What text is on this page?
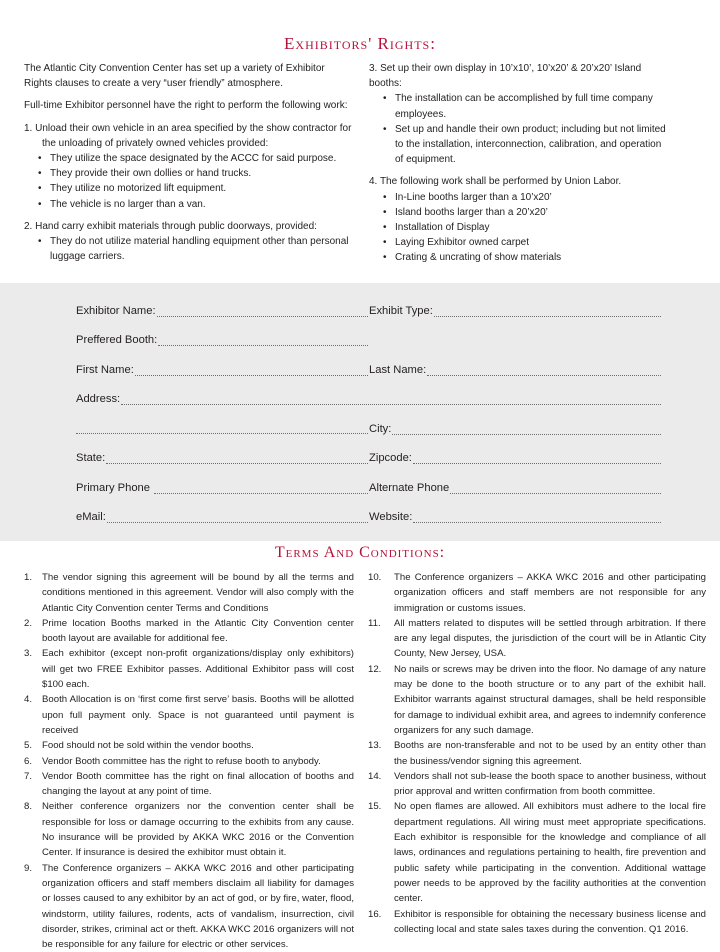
Exhibitors' Rights:

The Atlantic City Convention Center has set up a variety of Exhibitor Rights clauses to create a very “user friendly” atmosphere.

Full-time Exhibitor personnel have the right to perform the following work:

1. Unload their own vehicle in an area specified by the show contractor for the unloading of privately owned vehicles provided:

• They utilize the space designated by the ACCC for said purpose.
• They provide their own dollies or hand trucks.
• They utilize no motorized lift equipment.
• The vehicle is no larger than a van.

2. Hand carry exhibit materials through public doorways, provided:

• They do not utilize material handling equipment other than personal luggage carriers.

3. Set up their own display in 10’x10’, 10’x20’ & 20’x20’ Island booths:

• The installation can be accomplished by full time company employees.
• Set up and handle their own product; including but not limited to the installation, interconnection, calibration, and operation of equipment.

4. The following work shall be performed by Union Labor.

• In-Line booths larger than a 10’x20’
• Island booths larger than a 20’x20’
• Installation of Display
• Laying Exhibitor owned carpet
• Crating & uncrating of show materials
Exhibitor Name:	Exhibit Type:
Preffered Booth:
First Name:	Last Name:
Address:
City:
State:	Zipcode:
Primary Phone	Alternate Phone
eMail:	Website:
Terms And Conditions:
1. The vendor signing this agreement will be bound by all the terms and conditions mentioned in this agreement. Vendor will also comply with the Atlantic City Convention center Terms and Conditions
2. Prime location Booths marked in the Atlantic City Convention center booth layout are available for additional fee.
3. Each exhibitor (except non-profit organizations/display only exhibitors) will get two FREE Exhibitor passes. Additional Exhibitor pass will cost $100 each.
4. Booth Allocation is on ‘first come first serve’ basis. Booths will be allotted upon full payment only. Space is not guaranteed until payment is received
5. Food should not be sold within the vendor booths.
6. Vendor Booth committee has the right to refuse booth to anybody.
7. Vendor Booth committee has the right on final allocation of booths and changing the layout at any point of time.
8. Neither conference organizers nor the convention center shall be responsible for loss or damage occurring to the exhibits from any cause. No insurance will be provided by AKKA WKC 2016 or the Convention Center. If insurance is desired the exhibitor must obtain it.
9. The Conference organizers – AKKA WKC 2016 and other participating organization officers and staff members disclaim all liability for damages or losses caused to any exhibitor by an act of god, or by fire, water, flood, windstorm, utility failures, rodents, acts of vandalism, insurrection, civil disorder, strikes, criminal act or theft. AKKA WKC 2016 organizers will not be responsible for any failure for electric or other services.
10. The Conference organizers – AKKA WKC 2016 and other participating organization officers and staff members are not responsible for any immigration or customs issues.
11. All matters related to disputes will be settled through arbitration. If there are any legal disputes, the jurisdiction of the court will be in Atlantic City County, New Jersey, USA.
12. No nails or screws may be driven into the floor. No damage of any nature may be done to the booth structure or to any part of the exhibit hall. Exhibitor warrants against structural damages, shall be held responsible for damage to individual exhibit area, and agrees to indemnify conference organizers for any such damage.
13. Booths are non-transferable and not to be used by an entity other than the business/vendor signing this agreement.
14. Vendors shall not sub-lease the booth space to another business, without prior approval and written confirmation from booth committee.
15. No open flames are allowed. All exhibitors must adhere to the local fire department regulations. All wiring must meet appropriate specifications. Each exhibitor is responsible for the knowledge and compliance of all laws, ordinances and regulations pertaining to health, fire prevention and public safety while participating in the convention. Additional wattage power needs to be approved by the facility authorities at the convention center.
16. Exhibitor is responsible for obtaining the necessary business license and collecting local and state sales taxes during the convention. Q1 2016.
